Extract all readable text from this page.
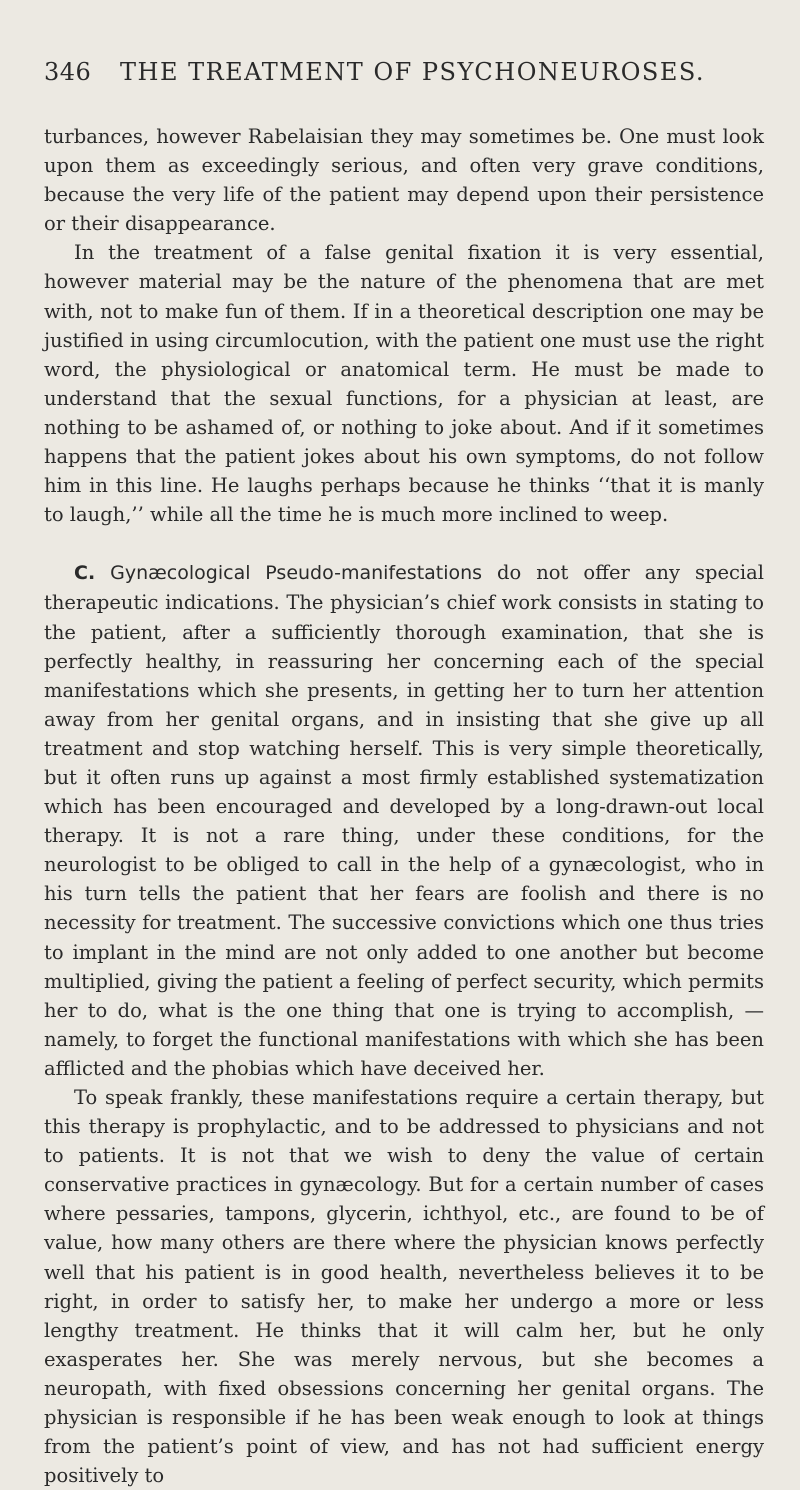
346	THE TREATMENT OF PSYCHONEUROSES.

turbances, however Rabelaisian they may sometimes be. One must look upon them as exceedingly serious, and often very grave conditions, because the very life of the patient may depend upon their persistence or their disappearance.

In the treatment of a false genital fixation it is very essential, however material may be the nature of the phenomena that are met with, not to make fun of them. If in a theoretical description one may be justified in using circumlocution, with the patient one must use the right word, the physiological or anatomical term. He must be made to understand that the sexual functions, for a physician at least, are nothing to be ashamed of, or nothing to joke about. And if it sometimes happens that the patient jokes about his own symptoms, do not follow him in this line. He laughs perhaps because he thinks ‘‘that it is manly to laugh,’’ while all the time he is much more inclined to weep.

C. Gynæcological Pseudo-manifestations do not offer any special therapeutic indications. The physician’s chief work consists in stating to the patient, after a sufficiently thorough examination, that she is perfectly healthy, in reassuring her concerning each of the special manifestations which she presents, in getting her to turn her attention away from her genital organs, and in insisting that she give up all treatment and stop watching herself. This is very simple theoretically, but it often runs up against a most firmly established systematization which has been encouraged and developed by a long-drawn-out local therapy. It is not a rare thing, under these conditions, for the neurologist to be obliged to call in the help of a gynæcologist, who in his turn tells the patient that her fears are foolish and there is no necessity for treatment. The successive convictions which one thus tries to implant in the mind are not only added to one another but become multiplied, giving the patient a feeling of perfect security, which permits her to do, what is the one thing that one is trying to accomplish, —namely, to forget the functional manifestations with which she has been afflicted and the phobias which have deceived her.

To speak frankly, these manifestations require a certain therapy, but this therapy is prophylactic, and to be addressed to physicians and not to patients. It is not that we wish to deny the value of certain conservative practices in gynæcology. But for a certain number of cases where pessaries, tampons, glycerin, ichthyol, etc., are found to be of value, how many others are there where the physician knows perfectly well that his patient is in good health, nevertheless believes it to be right, in order to satisfy her, to make her undergo a more or less lengthy treatment. He thinks that it will calm her, but he only exasperates her. She was merely nervous, but she becomes a neuropath, with fixed obsessions concerning her genital organs. The physician is responsible if he has been weak enough to look at things from the patient’s point of view, and has not had sufficient energy positively to
